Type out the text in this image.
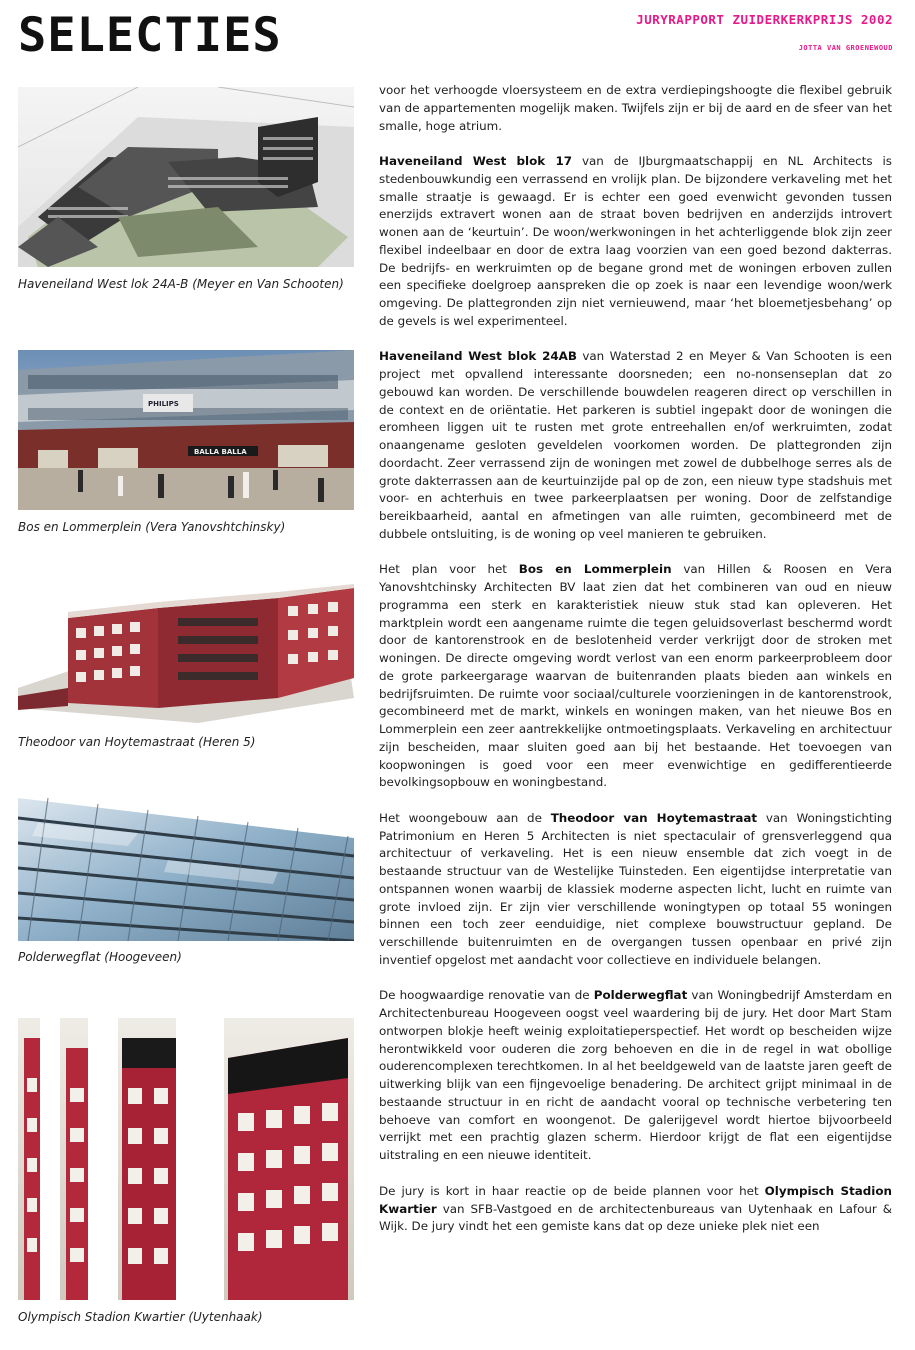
SELECTIES	JURYRAPPORT ZUIDERKERKPRIJS 2002
JOTTA VAN GROENEWOUD
Haveneiland West lok 24A-B (Meyer en Van Schooten)
PHILIPS
BALLA BALLA
Bos en Lommerplein (Vera Yanovshtchinsky)
Theodoor van Hoytemastraat (Heren 5)
Polderwegflat (Hoogeveen)
Olympisch Stadion Kwartier (Uytenhaak)

voor het verhoogde vloersysteem en de extra verdiepingshoogte die flexibel gebruik van de appartementen mogelijk maken. Twijfels zijn er bij de aard en de sfeer van het smalle, hoge atrium.

Haveneiland West blok 17 van de IJburgmaatschappij en NL Architects is stedenbouwkundig een verrassend en vrolijk plan. De bijzondere verkaveling met het smalle straatje is gewaagd. Er is echter een goed evenwicht gevonden tussen enerzijds extravert wonen aan de straat boven bedrijven en anderzijds introvert wonen aan de ‘keurtuin’. De woon/werkwoningen in het achterliggende blok zijn zeer flexibel indeelbaar en door de extra laag voorzien van een goed bezond dakterras. De bedrijfs- en werkruimten op de begane grond met de woningen erboven zullen een specifieke doelgroep aanspreken die op zoek is naar een levendige woon/werk omgeving. De plattegronden zijn niet vernieuwend, maar ‘het bloemetjesbehang’ op de gevels is wel experimenteel.

Haveneiland West blok 24AB van Waterstad 2 en Meyer & Van Schooten is een project met opvallend interessante doorsneden; een no-nonsenseplan dat zo gebouwd kan worden. De verschillende bouwdelen reageren direct op verschillen in de context en de oriëntatie. Het parkeren is subtiel ingepakt door de woningen die eromheen liggen uit te rusten met grote entreehallen en/of werkruimten, zodat onaangename gesloten geveldelen voorkomen worden. De plattegronden zijn doordacht. Zeer verrassend zijn de woningen met zowel de dubbelhoge serres als de grote dakterrassen aan de keurtuinzijde pal op de zon, een nieuw type stadshuis met voor- en achterhuis en twee parkeerplaatsen per woning. Door de zelfstandige bereikbaarheid, aantal en afmetingen van alle ruimten, gecombineerd met de dubbele ontsluiting, is de woning op veel manieren te gebruiken.

Het plan voor het Bos en Lommerplein van Hillen & Roosen en Vera Yanovshtchinsky Architecten BV laat zien dat het combineren van oud en nieuw programma een sterk en karakteristiek nieuw stuk stad kan opleveren. Het marktplein wordt een aangename ruimte die tegen geluidsoverlast beschermd wordt door de kantorenstrook en de beslotenheid verder verkrijgt door de stroken met woningen. De directe omgeving wordt verlost van een enorm parkeerprobleem door de grote parkeergarage waarvan de buitenranden plaats bieden aan winkels en bedrijfsruimten. De ruimte voor sociaal/culturele voorzieningen in de kantorenstrook, gecombineerd met de markt, winkels en woningen maken, van het nieuwe Bos en Lommerplein een zeer aantrekkelijke ontmoetingsplaats. Verkaveling en architectuur zijn bescheiden, maar sluiten goed aan bij het bestaande. Het toevoegen van koopwoningen is goed voor een meer evenwichtige en gedifferentieerde bevolkingsopbouw en woningbestand.

Het woongebouw aan de Theodoor van Hoytemastraat van Woningstichting Patrimonium en Heren 5 Architecten is niet spectaculair of grensverleggend qua architectuur of verkaveling. Het is een nieuw ensemble dat zich voegt in de bestaande structuur van de Westelijke Tuinsteden. Een eigentijdse interpretatie van ontspannen wonen waarbij de klassiek moderne aspecten licht, lucht en ruimte van grote invloed zijn. Er zijn vier verschillende woningtypen op totaal 55 woningen binnen een toch zeer eenduidige, niet complexe bouwstructuur gepland. De verschillende buitenruimten en de overgangen tussen openbaar en privé zijn inventief opgelost met aandacht voor collectieve en individuele belangen.

De hoogwaardige renovatie van de Polderwegflat van Woningbedrijf Amsterdam en Architectenbureau Hoogeveen oogst veel waardering bij de jury. Het door Mart Stam ontworpen blokje heeft weinig exploitatieperspectief. Het wordt op bescheiden wijze herontwikkeld voor ouderen die zorg behoeven en die in de regel in wat obollige ouderencomplexen terechtkomen. In al het beeldgeweld van de laatste jaren geeft de uitwerking blijk van een fijngevoelige benadering. De architect grijpt minimaal in de bestaande structuur in en richt de aandacht vooral op technische verbetering ten behoeve van comfort en woongenot. De galerijgevel wordt hiertoe bijvoorbeeld verrijkt met een prachtig glazen scherm. Hierdoor krijgt de flat een eigentijdse uitstraling en een nieuwe identiteit.

De jury is kort in haar reactie op de beide plannen voor het Olympisch Stadion Kwartier van SFB-Vastgoed en de architectenbureaus van Uytenhaak en Lafour & Wijk. De jury vindt het een gemiste kans dat op deze unieke plek niet een
